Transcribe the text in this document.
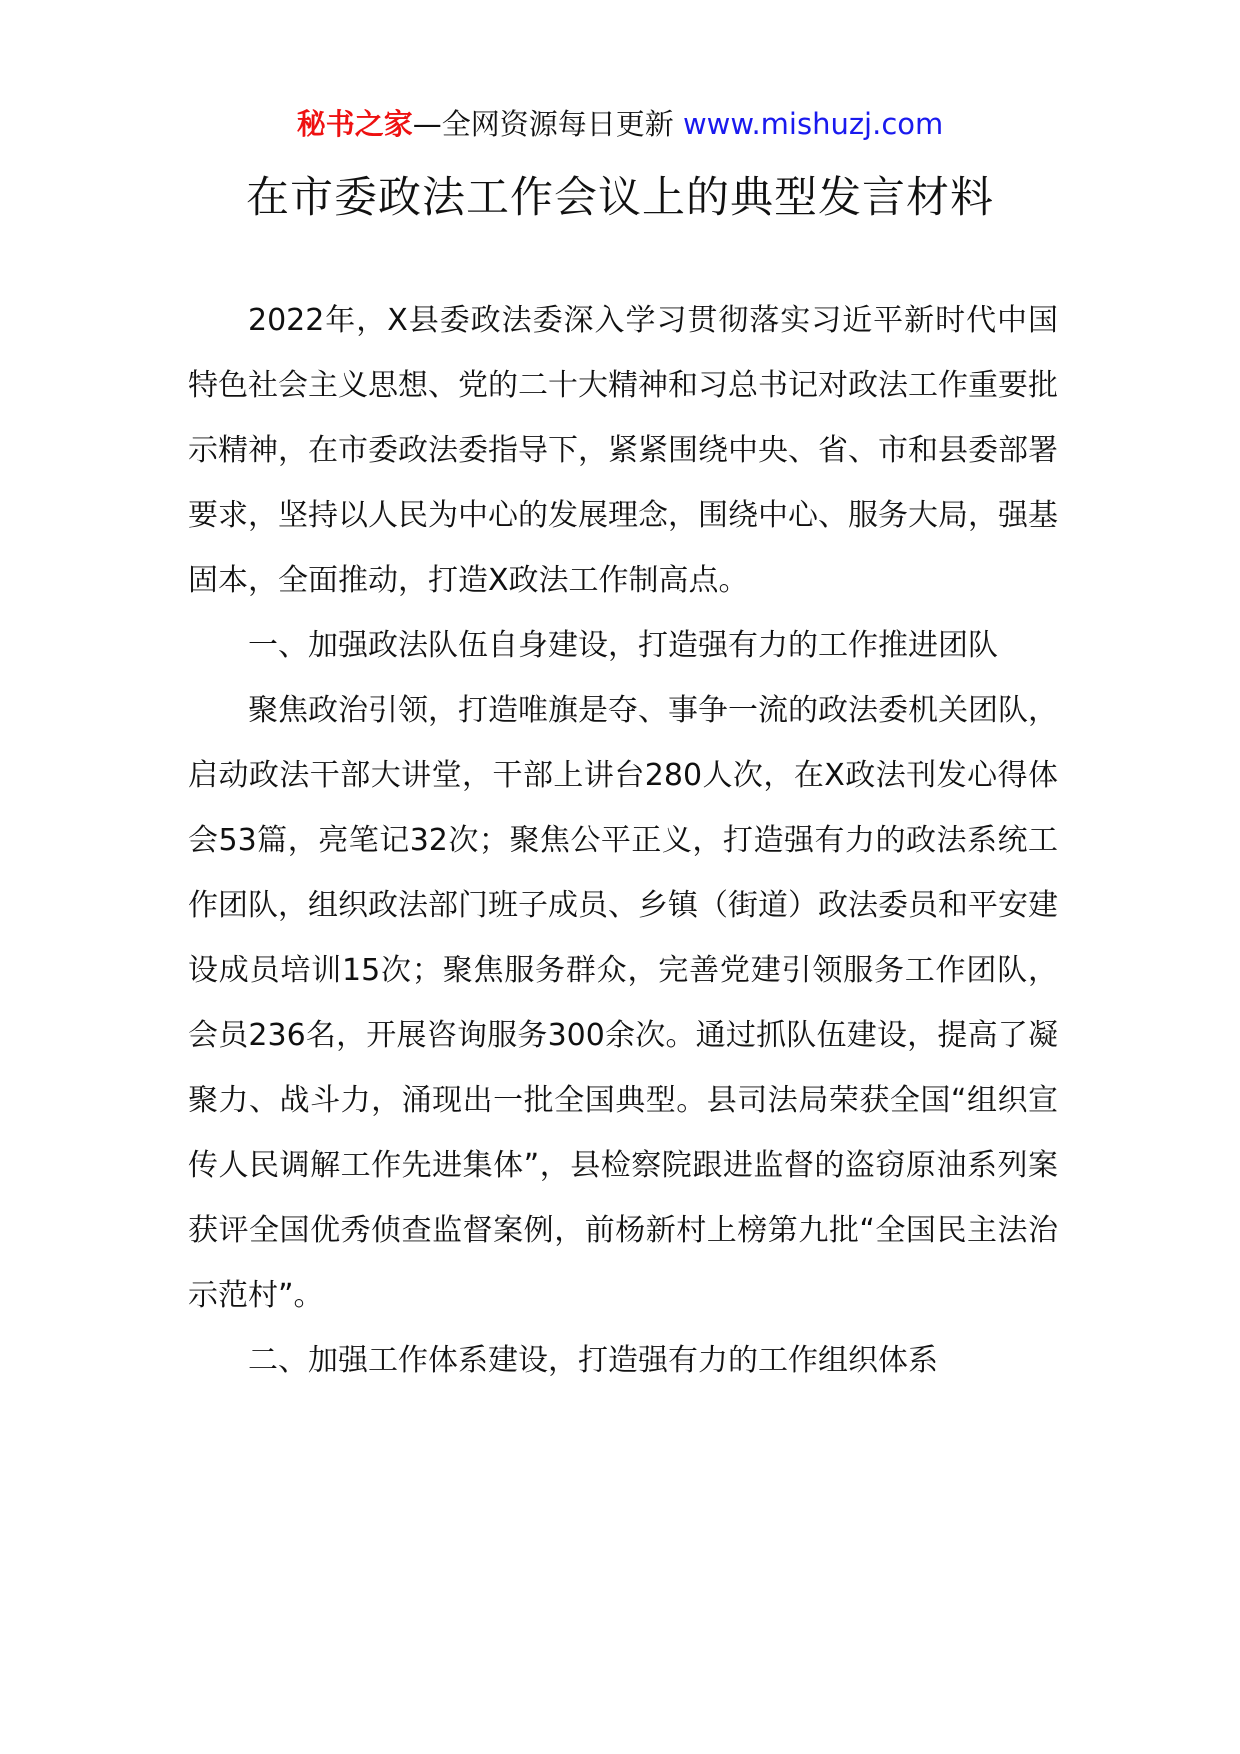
秘书之家—全网资源每日更新 www.mishuzj.com
在市委政法工作会议上的典型发言材料

2022年，X县委政法委深入学习贯彻落实习近平新时代中国特色社会主义思想、党的二十大精神和习总书记对政法工作重要批示精神，在市委政法委指导下，紧紧围绕中央、省、市和县委部署要求，坚持以人民为中心的发展理念，围绕中心、服务大局，强基固本，全面推动，打造X政法工作制高点。

一、加强政法队伍自身建设，打造强有力的工作推进团队

聚焦政治引领，打造唯旗是夺、事争一流的政法委机关团队，启动政法干部大讲堂，干部上讲台280人次，在X政法刊发心得体会53篇，亮笔记32次；聚焦公平正义，打造强有力的政法系统工作团队，组织政法部门班子成员、乡镇（街道）政法委员和平安建设成员培训15次；聚焦服务群众，完善党建引领服务工作团队，会员236名，开展咨询服务300余次。通过抓队伍建设，提高了凝聚力、战斗力，涌现出一批全国典型。县司法局荣获全国“组织宣传人民调解工作先进集体”，县检察院跟进监督的盗窃原油系列案获评全国优秀侦查监督案例，前杨新村上榜第九批“全国民主法治示范村”。

二、加强工作体系建设，打造强有力的工作组织体系
